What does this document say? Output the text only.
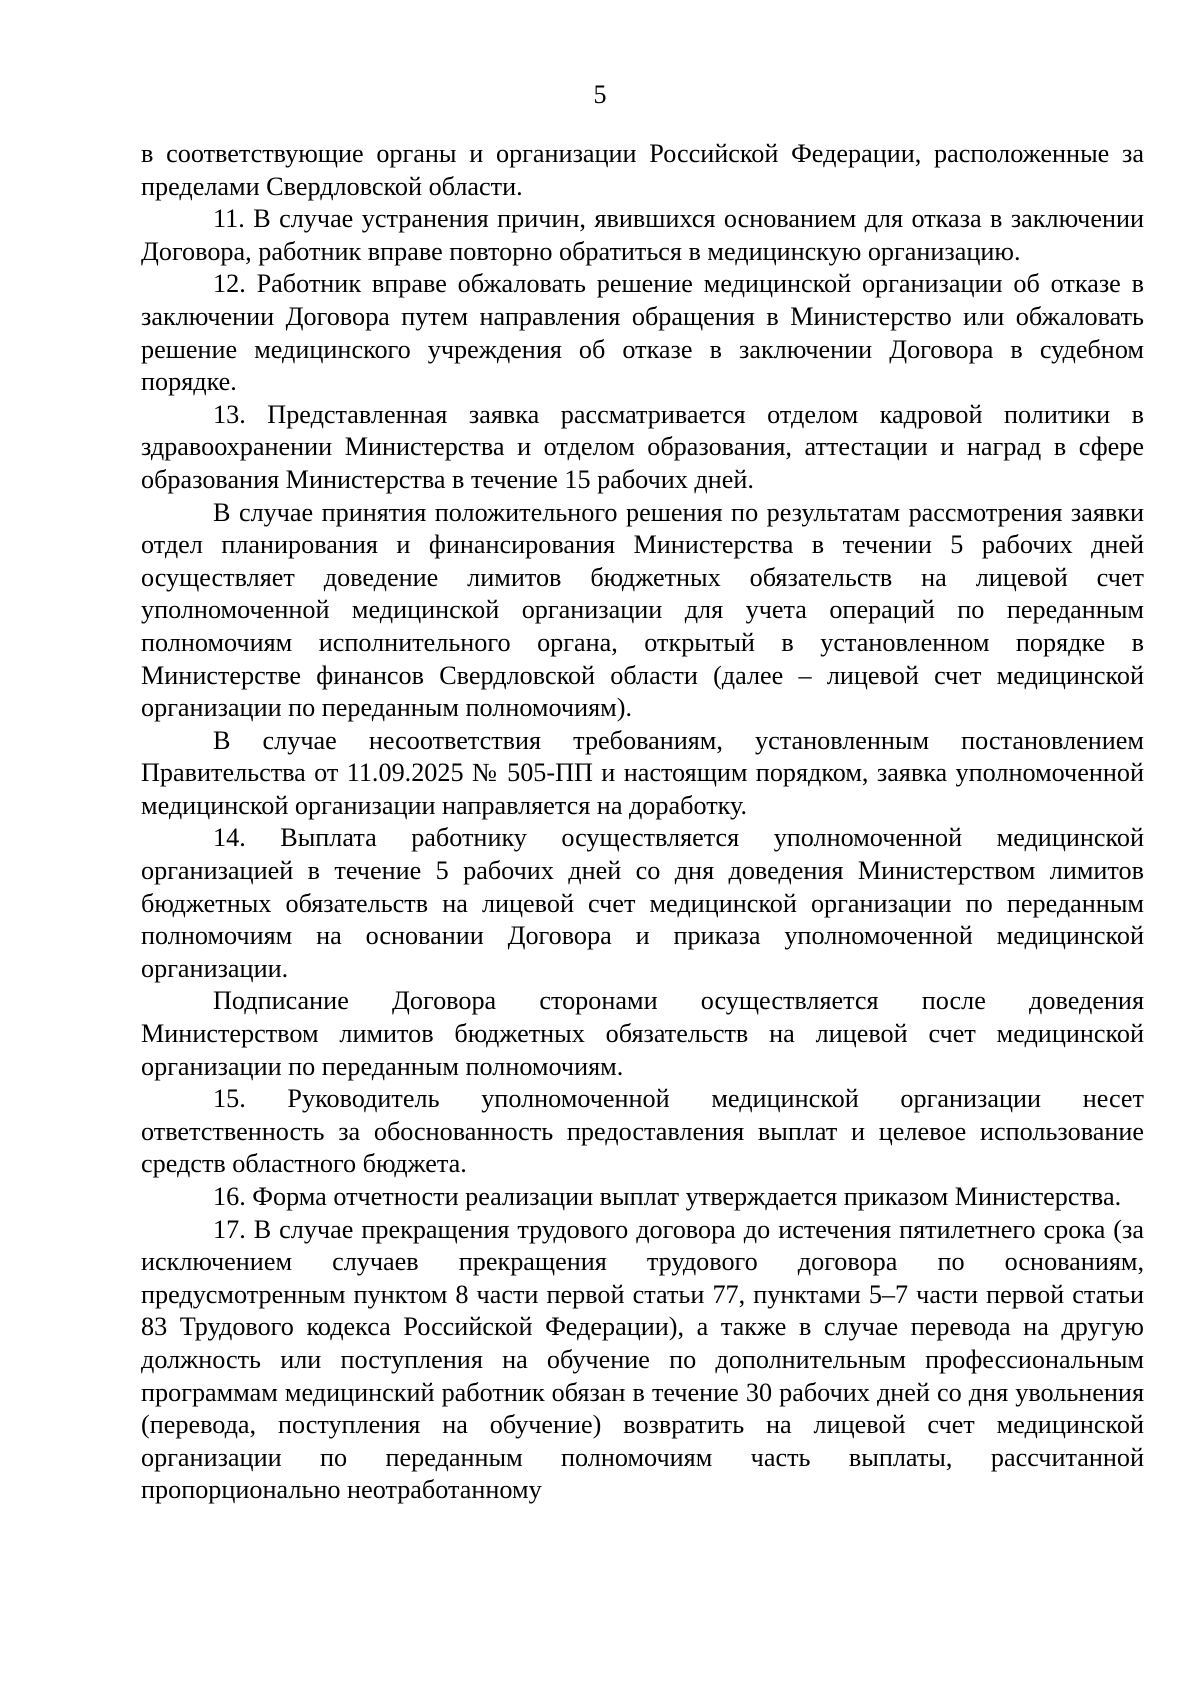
5

в соответствующие органы и организации Российской Федерации, расположенные за пределами Свердловской области.

11. В случае устранения причин, явившихся основанием для отказа в заключении Договора, работник вправе повторно обратиться в медицинскую организацию.

12. Работник вправе обжаловать решение медицинской организации об отказе в заключении Договора путем направления обращения в Министерство или обжаловать решение медицинского учреждения об отказе в заключении Договора в судебном порядке.

13. Представленная заявка рассматривается отделом кадровой политики в здравоохранении Министерства и отделом образования, аттестации и наград в сфере образования Министерства в течение 15 рабочих дней.

В случае принятия положительного решения по результатам рассмотрения заявки отдел планирования и финансирования Министерства в течении 5 рабочих дней осуществляет доведение лимитов бюджетных обязательств на лицевой счет уполномоченной медицинской организации для учета операций по переданным полномочиям исполнительного органа, открытый в установленном порядке в Министерстве финансов Свердловской области (далее – лицевой счет медицинской организации по переданным полномочиям).

В случае несоответствия требованиям, установленным постановлением Правительства от 11.09.2025 № 505-ПП и настоящим порядком, заявка уполномоченной медицинской организации направляется на доработку.

14. Выплата работнику осуществляется уполномоченной медицинской организацией в течение 5 рабочих дней со дня доведения Министерством лимитов бюджетных обязательств на лицевой счет медицинской организации по переданным полномочиям на основании Договора и приказа уполномоченной медицинской организации.

Подписание Договора сторонами осуществляется после доведения Министерством лимитов бюджетных обязательств на лицевой счет медицинской организации по переданным полномочиям.

15. Руководитель уполномоченной медицинской организации несет ответственность за обоснованность предоставления выплат и целевое использование средств областного бюджета.

16. Форма отчетности реализации выплат утверждается приказом Министерства.

17. В случае прекращения трудового договора до истечения пятилетнего срока (за исключением случаев прекращения трудового договора по основаниям, предусмотренным пунктом 8 части первой статьи 77, пунктами 5–7 части первой статьи 83 Трудового кодекса Российской Федерации), а также в случае перевода на другую должность или поступления на обучение по дополнительным профессиональным программам медицинский работник обязан в течение 30 рабочих дней со дня увольнения (перевода, поступления на обучение) возвратить на лицевой счет медицинской организации по переданным полномочиям часть выплаты, рассчитанной пропорционально неотработанному
